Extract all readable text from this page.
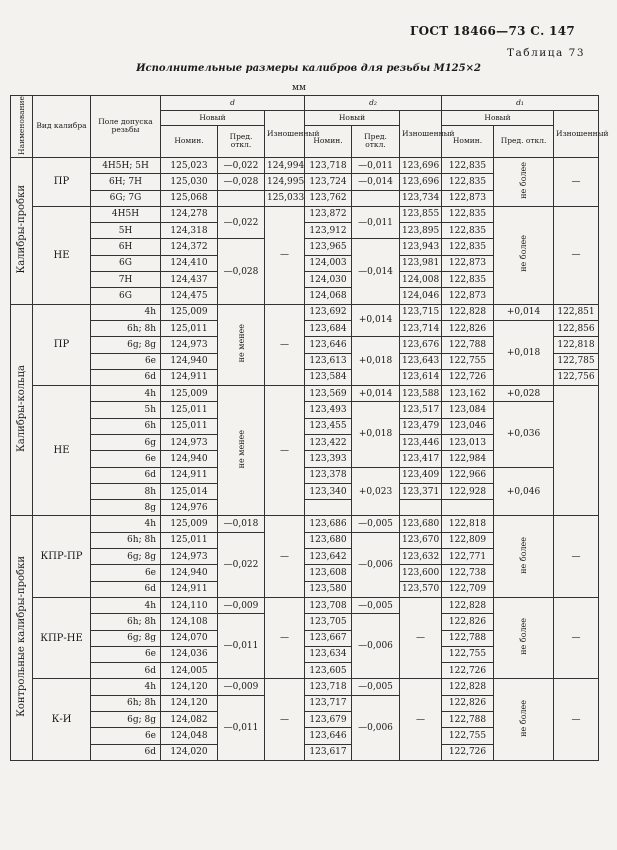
ГОСТ 18466—73 С. 147
Таблица 73
Исполнительные размеры калибров для резьбы М125×2
мм
Наименование	Вид калибра	Поле допуска резьбы	d			d₂			d₁		
			Новый		Изношенный	Новый		Изношенный	Новый		Изношенный
			Номин.	Пред. откл.		Номин.	Пред. откл.		Номин.	Пред. откл.	
Калибры-пробки	ПР	4H5H; 5H	125,023	—0,022	124,994	123,718	—0,011	123,696	122,835	не более	—
		6H; 7H	125,030	—0,028	124,995	123,724	—0,014	123,696	122,835		
		6G; 7G	125,068		125,033	123,762		123,734	122,873		
	НЕ	4H5H	124,278	—0,022	—	123,872	—0,011	123,855	122,835	не более	—
		5H	124,318			123,912		123,895	122,835		
		6H	124,372	—0,028		123,965	—0,014	123,943	122,835		
		6G	124,410			124,003		123,981	122,873		
		7H	124,437			124,030		124,008	122,835		
		6G	124,475			124,068		124,046	122,873		
Калибры-кольца	ПР	4h	125,009	не менее	—	123,692	+0,014	123,715	122,828	+0,014	122,851
		6h; 8h	125,011			123,684		123,714	122,826	+0,018	122,856
		6g; 8g	124,973			123,646	+0,018	123,676	122,788		122,818
		6e	124,940			123,613		123,643	122,755		122,785
		6d	124,911			123,584		123,614	122,726		122,756
	НЕ	4h	125,009	не менее	—	123,569	+0,014	123,588	123,162	+0,028	
		5h	125,011			123,493	+0,018	123,517	123,084	+0,036	
		6h	125,011			123,455		123,479	123,046		
		6g	124,973			123,422		123,446	123,013		
		6e	124,940			123,393		123,417	122,984		
		6d	124,911			123,378	+0,023	123,409	122,966	+0,046	
		8h	125,014			123,340		123,371	122,928		
		8g	124,976								
Контрольные калибры-пробки	КПР-ПР	4h	125,009	—0,018	—	123,686	—0,005	123,680	122,818	не более	—
		6h; 8h	125,011	—0,022		123,680	—0,006	123,670	122,809		
		6g; 8g	124,973			123,642		123,632	122,771		
		6e	124,940			123,608		123,600	122,738		
		6d	124,911			123,580		123,570	122,709		
	КПР-НЕ	4h	124,110	—0,009	—	123,708	—0,005	—	122,828	не более	—
		6h; 8h	124,108	—0,011		123,705	—0,006		122,826		
		6g; 8g	124,070			123,667			122,788		
		6e	124,036			123,634			122,755		
		6d	124,005			123,605			122,726		
	К-И	4h	124,120	—0,009	—	123,718	—0,005	—	122,828	не более	—
		6h; 8h	124,120	—0,011		123,717	—0,006		122,826		
		6g; 8g	124,082			123,679			122,788		
		6e	124,048			123,646			122,755		
		6d	124,020			123,617			122,726		
